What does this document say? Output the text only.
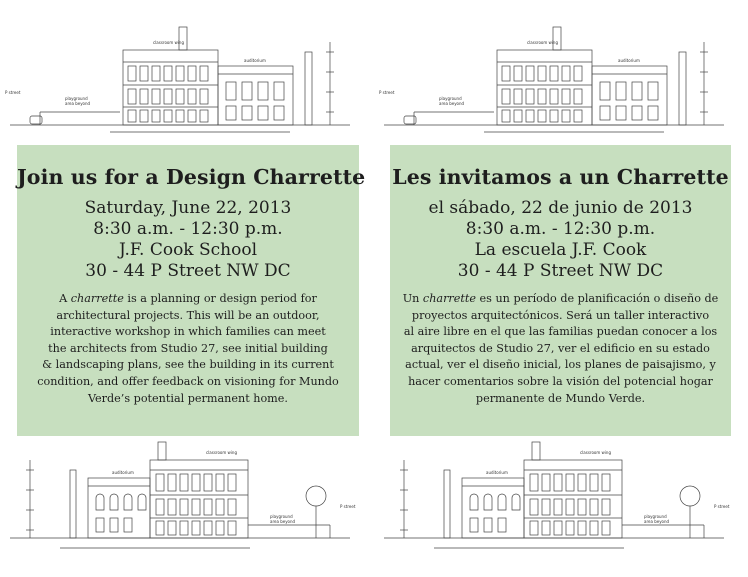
classroom wing
auditorium
P street
playground
area beyond
classroom wing
auditorium
P street
playground
area beyond
Join us for a Design Charrette
Saturday, June 22, 2013
8:30 a.m. - 12:30 p.m.
J.F. Cook School
30 - 44 P Street NW DC
A charrette is a planning or design period for
architectural projects. This will be an outdoor,
interactive workshop in which families can meet
the architects from Studio 27, see initial building
& landscaping plans, see the building in its current
condition, and offer feedback on visioning for Mundo
Verde’s potential permanent home.
Les invitamos a un Charrette
el sábado, 22 de junio de 2013
8:30 a.m. - 12:30 p.m.
La escuela J.F. Cook
30 - 44 P Street NW DC
Un charrette es un período de planificación o diseño de
proyectos arquitectónicos. Será un taller interactivo
al aire libre en el que las familias puedan conocer a los
arquitectos de Studio 27, ver el edificio en su estado
actual, ver el diseño inicial, los planes de paisajismo, y
hacer comentarios sobre la visión del potencial hogar
permanente de Mundo Verde.
classroom wing
auditorium
P street
playground
area beyond
classroom wing
auditorium
P street
playground
area beyond
